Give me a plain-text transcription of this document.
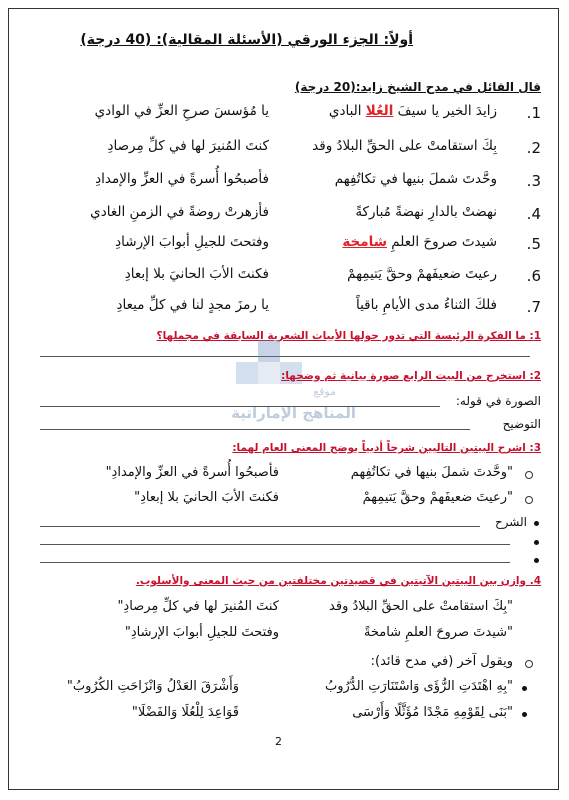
أولاً: الجزء الورقي (الأسئلة المقالية): (40 درجة)
قال القائل في مدح الشيخ زايد:(20 درجة)
1.
زايدَ الخير يا سيفَ العُلا البادي
يا مُؤسسَ صرحِ العزِّ في الوادي
2.
بِكَ استقامتْ على الحقِّ البلادُ وقد
كنتَ المُنيرَ لها في كلِّ مِرصادِ
3.
وحَّدتَ شملَ بنيها في تكاتُفِهم
فأصبحُوا أُسرةً في العزِّ والإمدادِ
4.
نهضتْ بالدارِ نهضةً مُباركةً
فأزهرتْ روضةً في الزمنِ الغادي
5.
شيدتَ صروحَ العلمِ شامخة
وفتحتَ للجيلِ أبوابَ الإرشادِ
6.
رعيتَ ضعيفَهمْ وحقَّ يَتيمِهمْ
فكنتَ الأبَ الحانيَ بلا إبعادِ
7.
فلكَ الثناءُ مدى الأيامِ باقياً
يا رمزَ مجدٍ لنا في كلِّ ميعادِ
1: ما الفكرة الرئيسة التي تدور حولها الأبيات الشعرية السابقة في مجملها؟
موقع
المناهج الإماراتية
2: استخرج من البيت الرابع صورة بيانية ثم وضحها:
الصورة في قوله:
التوضيح
3: اشرح البيتين التاليين شرحاً أدبياً يوضح المعنى العام لهما:
"وحَّدتَ شملَ بنيها في تكاتُفِهم
فأصبحُوا أُسرةً في العزِّ والإمدادِ"
"رعيتَ ضعيفَهمْ وحقَّ يَتيمِهمْ
فكنتَ الأبَ الحانيَ بلا إبعادِ"
الشرح
4. وازن بين البيتين الآتيتين في قصيدتين مختلفتين من حيث المعنى والأسلوب.
"بِكَ استقامتْ على الحقِّ البلادُ وقد
كنتَ المُنيرَ لها في كلِّ مِرصادِ"
"شيدتَ صروحَ العلمِ شامخةً
وفتحتَ للجيلِ أبوابَ الإرشادِ"
ويقول آخر (في مدح قائد):
"بِهِ اهْتَدَتِ الرُّؤَى وَاسْتَنَارَتِ الدُّرُوبُ
وَأَشْرَقَ العَدْلُ وَانْزَاحَتِ الكُرُوبُ"
"بَنَى لِقَوْمِهِ مَجْدًا مُؤَثَّلًا وَأَرْسَى
قَوَاعِدَ لِلْعُلَا وَالفَضْلَا"
2
